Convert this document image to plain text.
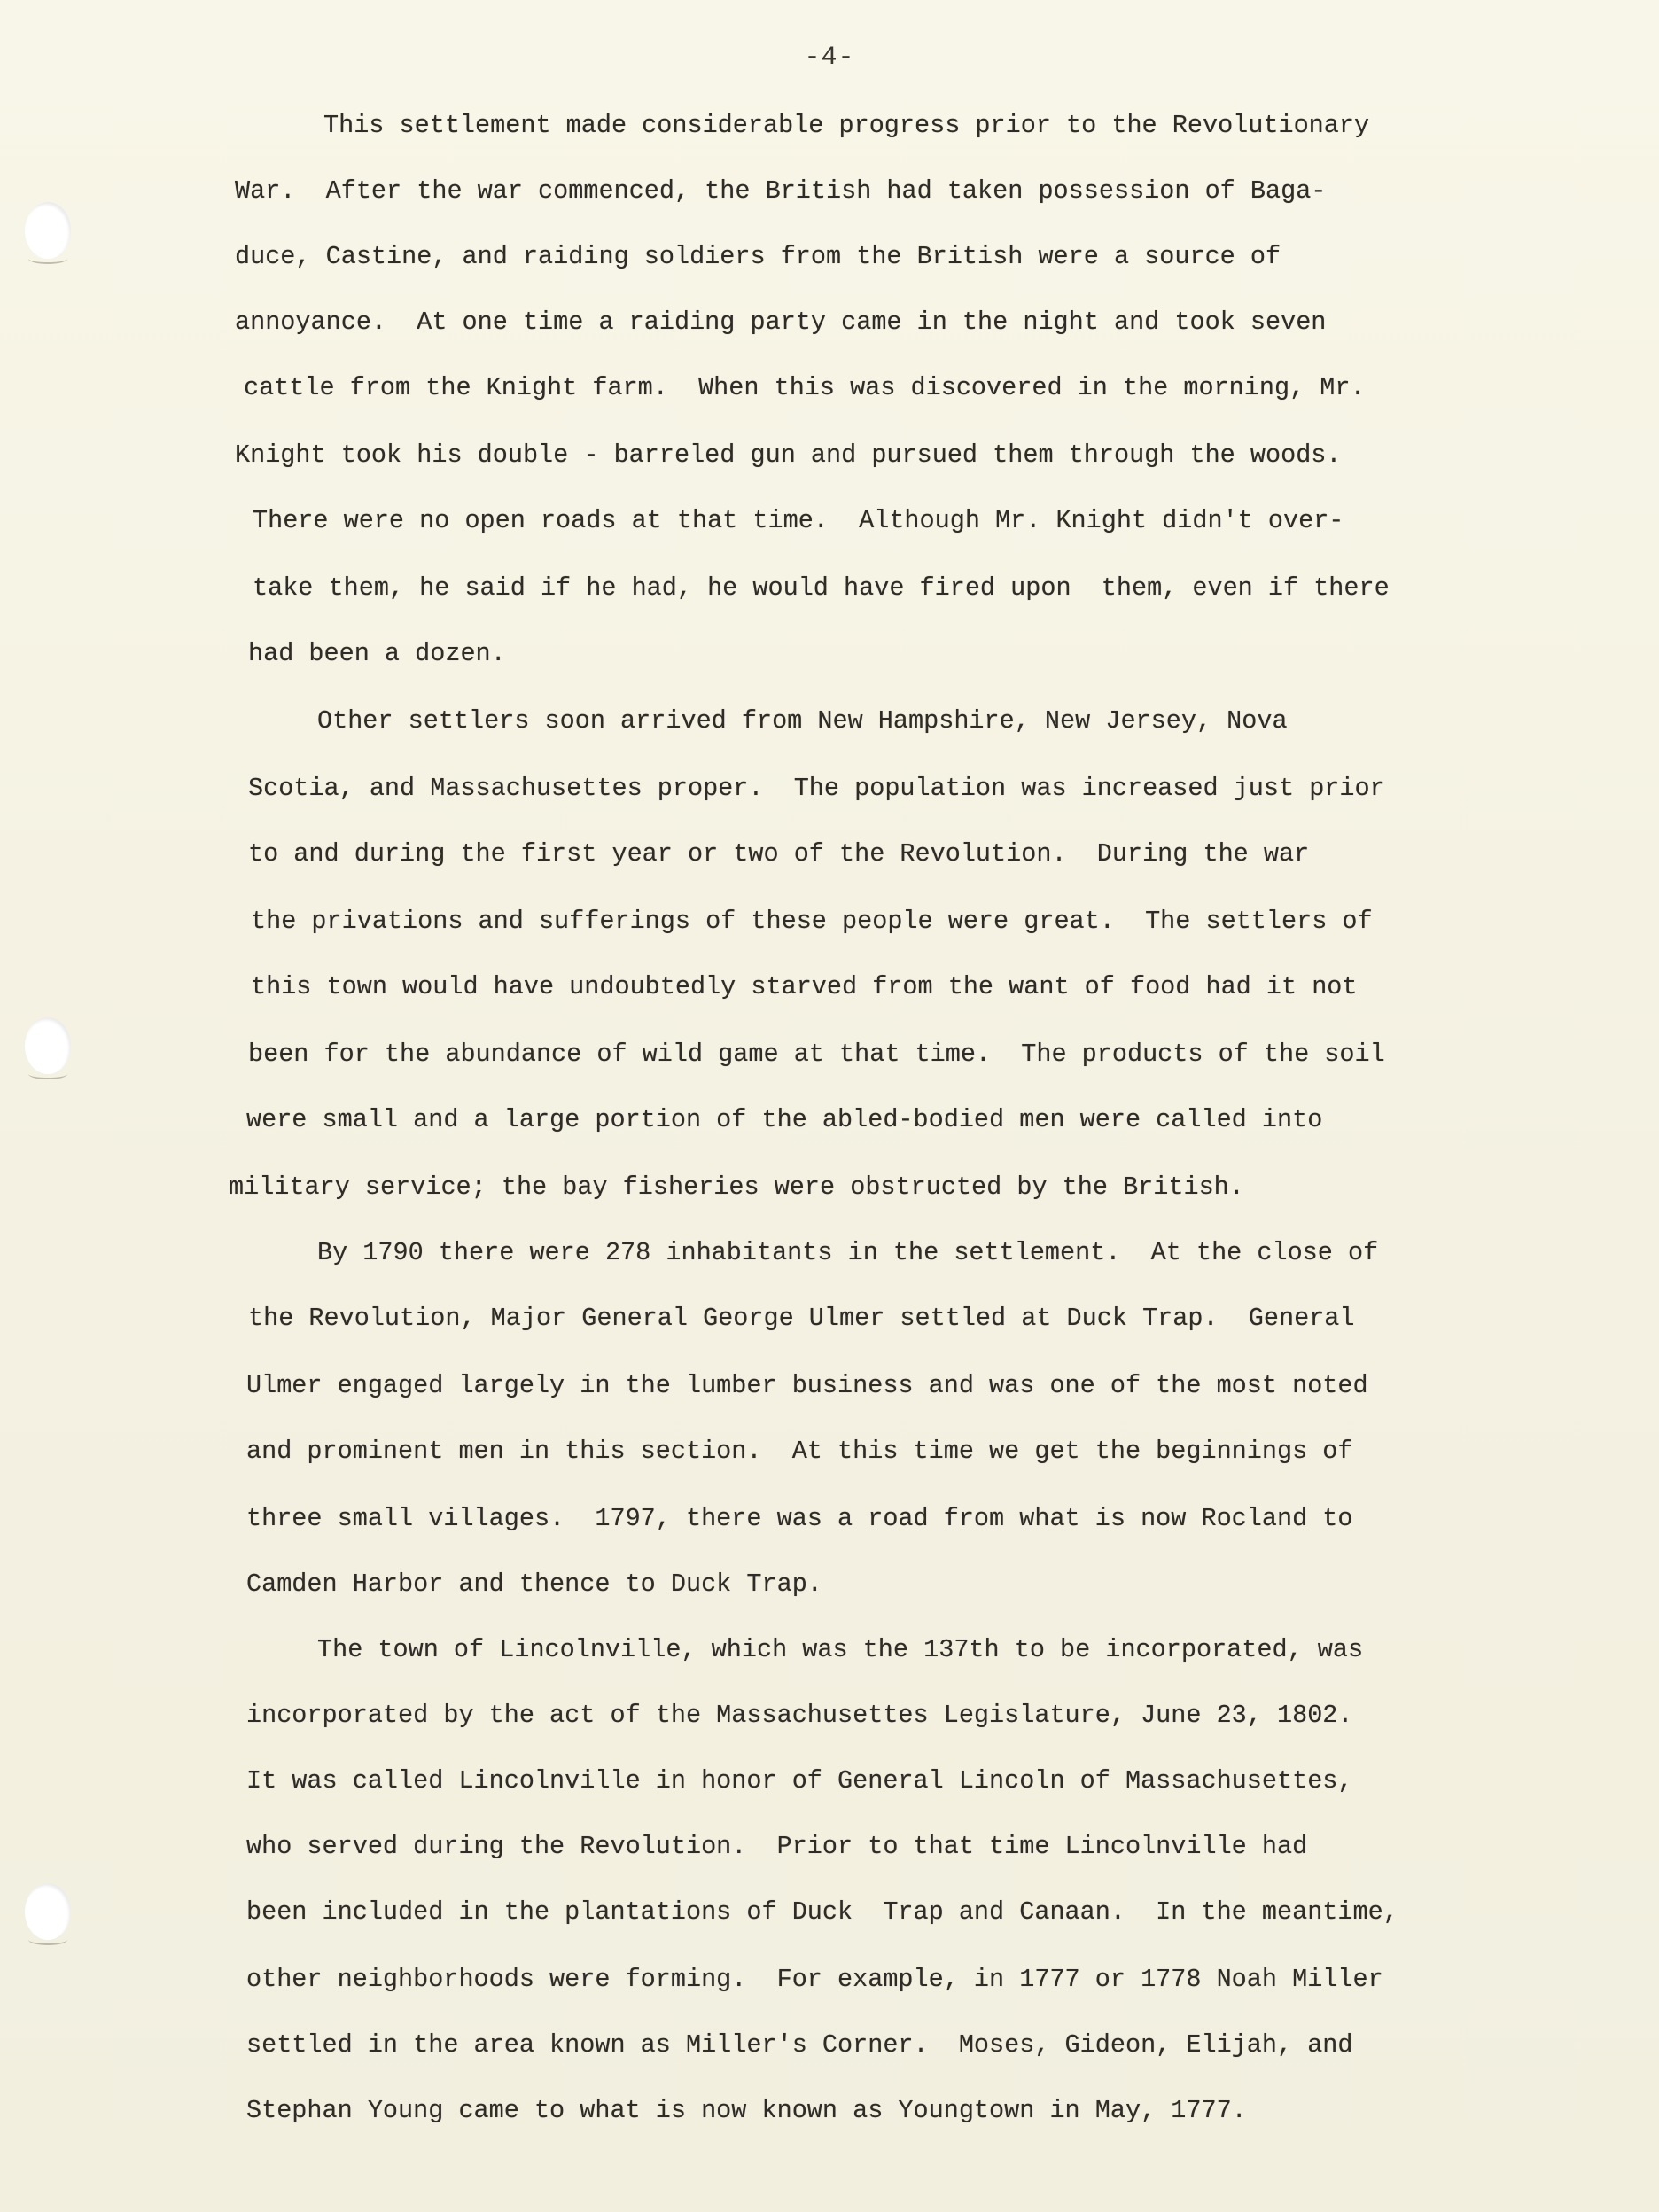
-4-
This settlement made considerable progress prior to the Revolutionary
War.  After the war commenced, the British had taken possession of Baga-
duce, Castine, and raiding soldiers from the British were a source of
annoyance.  At one time a raiding party came in the night and took seven
cattle from the Knight farm.  When this was discovered in the morning, Mr.
Knight took his double - barreled gun and pursued them through the woods.
There were no open roads at that time.  Although Mr. Knight didn't over-
take them, he said if he had, he would have fired upon  them, even if there
had been a dozen.
Other settlers soon arrived from New Hampshire, New Jersey, Nova
Scotia, and Massachusettes proper.  The population was increased just prior
to and during the first year or two of the Revolution.  During the war
the privations and sufferings of these people were great.  The settlers of
this town would have undoubtedly starved from the want of food had it not
been for the abundance of wild game at that time.  The products of the soil
were small and a large portion of the abled-bodied men were called into
military service; the bay fisheries were obstructed by the British.
By 1790 there were 278 inhabitants in the settlement.  At the close of
the Revolution, Major General George Ulmer settled at Duck Trap.  General
Ulmer engaged largely in the lumber business and was one of the most noted
and prominent men in this section.  At this time we get the beginnings of
three small villages.  1797, there was a road from what is now Rocland to
Camden Harbor and thence to Duck Trap.
The town of Lincolnville, which was the 137th to be incorporated, was
incorporated by the act of the Massachusettes Legislature, June 23, 1802.
It was called Lincolnville in honor of General Lincoln of Massachusettes,
who served during the Revolution.  Prior to that time Lincolnville had
been included in the plantations of Duck  Trap and Canaan.  In the meantime,
other neighborhoods were forming.  For example, in 1777 or 1778 Noah Miller
settled in the area known as Miller's Corner.  Moses, Gideon, Elijah, and
Stephan Young came to what is now known as Youngtown in May, 1777.
